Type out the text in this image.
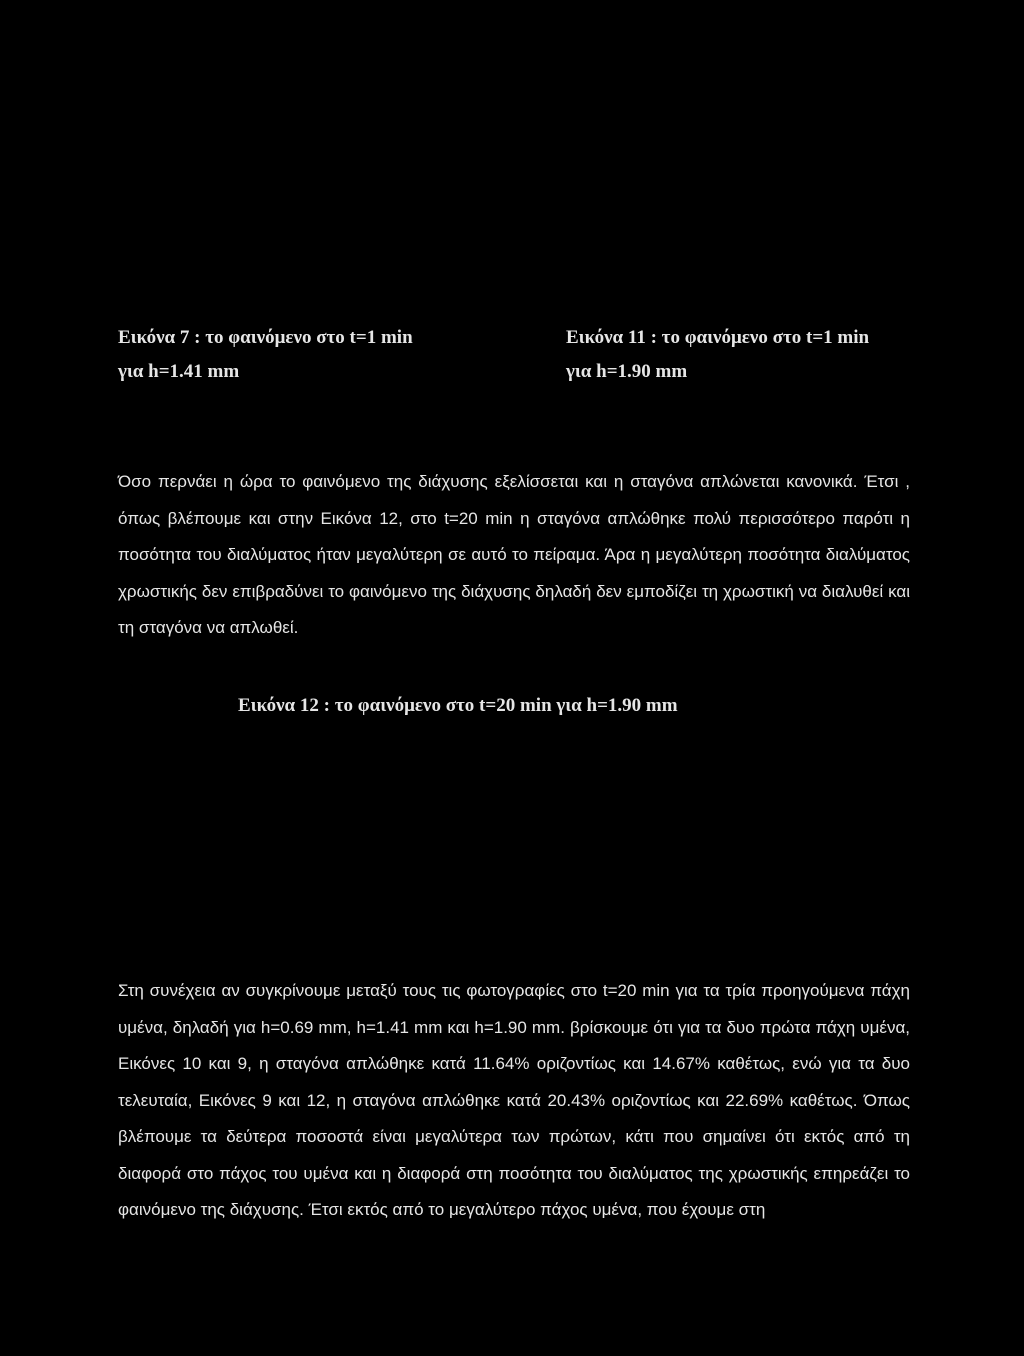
Εικόνα 7 : το φαινόμενο στο t=1 min
για h=1.41 mm
Εικόνα 11 : το φαινόμενο στο t=1 min
για h=1.90 mm

Όσο περνάει η ώρα το φαινόμενο της διάχυσης εξελίσσεται και η σταγόνα απλώνεται κανονικά. Έτσι , όπως βλέπουμε και στην Εικόνα 12, στο t=20 min η σταγόνα απλώθηκε πολύ περισσότερο παρότι η ποσότητα του διαλύματος ήταν μεγαλύτερη σε αυτό το πείραμα. Άρα η μεγαλύτερη ποσότητα διαλύματος χρωστικής δεν επιβραδύνει το φαινόμενο της διάχυσης δηλαδή δεν εμποδίζει τη χρωστική να διαλυθεί και τη σταγόνα να απλωθεί.

Εικόνα 12 : το φαινόμενο στο t=20 min για h=1.90 mm

Στη συνέχεια αν συγκρίνουμε μεταξύ τους τις φωτογραφίες στο t=20 min για τα τρία προηγούμενα πάχη υμένα, δηλαδή για h=0.69 mm, h=1.41 mm και h=1.90 mm. βρίσκουμε ότι για τα δυο πρώτα πάχη υμένα, Εικόνες 10 και 9, η σταγόνα απλώθηκε κατά 11.64% οριζοντίως και 14.67% καθέτως, ενώ για τα δυο τελευταία, Εικόνες 9 και 12, η σταγόνα απλώθηκε κατά 20.43% οριζοντίως και 22.69% καθέτως. Όπως βλέπουμε τα δεύτερα ποσοστά είναι μεγαλύτερα των πρώτων, κάτι που σημαίνει ότι εκτός από τη διαφορά στο πάχος του υμένα και η διαφορά στη ποσότητα του διαλύματος της χρωστικής επηρεάζει το φαινόμενο της διάχυσης. Έτσι εκτός από το μεγαλύτερο πάχος υμένα, που έχουμε στη
